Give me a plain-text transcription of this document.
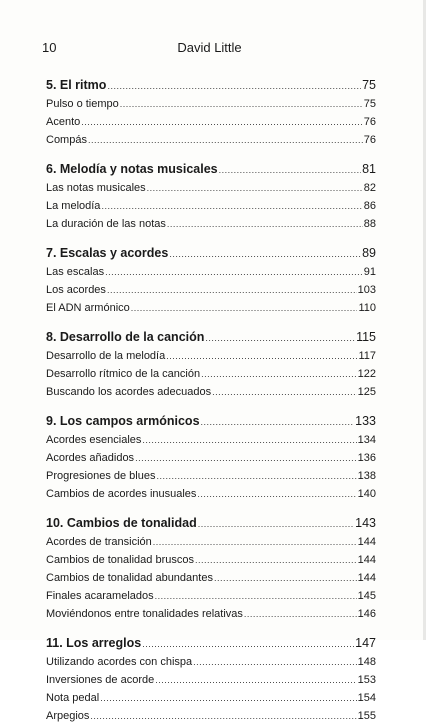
10	David Little
5. El ritmo .....	75
Pulso o tiempo .....	75
Acento .....	76
Compás .....	76
6. Melodía y notas musicales .....	81
Las notas musicales .....	82
La melodía .....	86
La duración de las notas .....	88
7. Escalas y acordes .....	89
Las escalas .....	91
Los acordes .....	103
El ADN armónico .....	110
8. Desarrollo de la canción .....	115
Desarrollo de la melodía .....	117
Desarrollo rítmico de la canción .....	122
Buscando los acordes adecuados .....	125
9. Los campos armónicos .....	133
Acordes esenciales .....	134
Acordes añadidos .....	136
Progresiones de blues .....	138
Cambios de acordes inusuales .....	140
10. Cambios de tonalidad .....	143
Acordes de transición .....	144
Cambios de tonalidad bruscos .....	144
Cambios de tonalidad abundantes .....	144
Finales acaramelados .....	145
Moviéndonos entre tonalidades relativas .....	146
11. Los arreglos .....	147
Utilizando acordes con chispa .....	148
Inversiones de acorde .....	153
Nota pedal .....	154
Arpegios .....	155
